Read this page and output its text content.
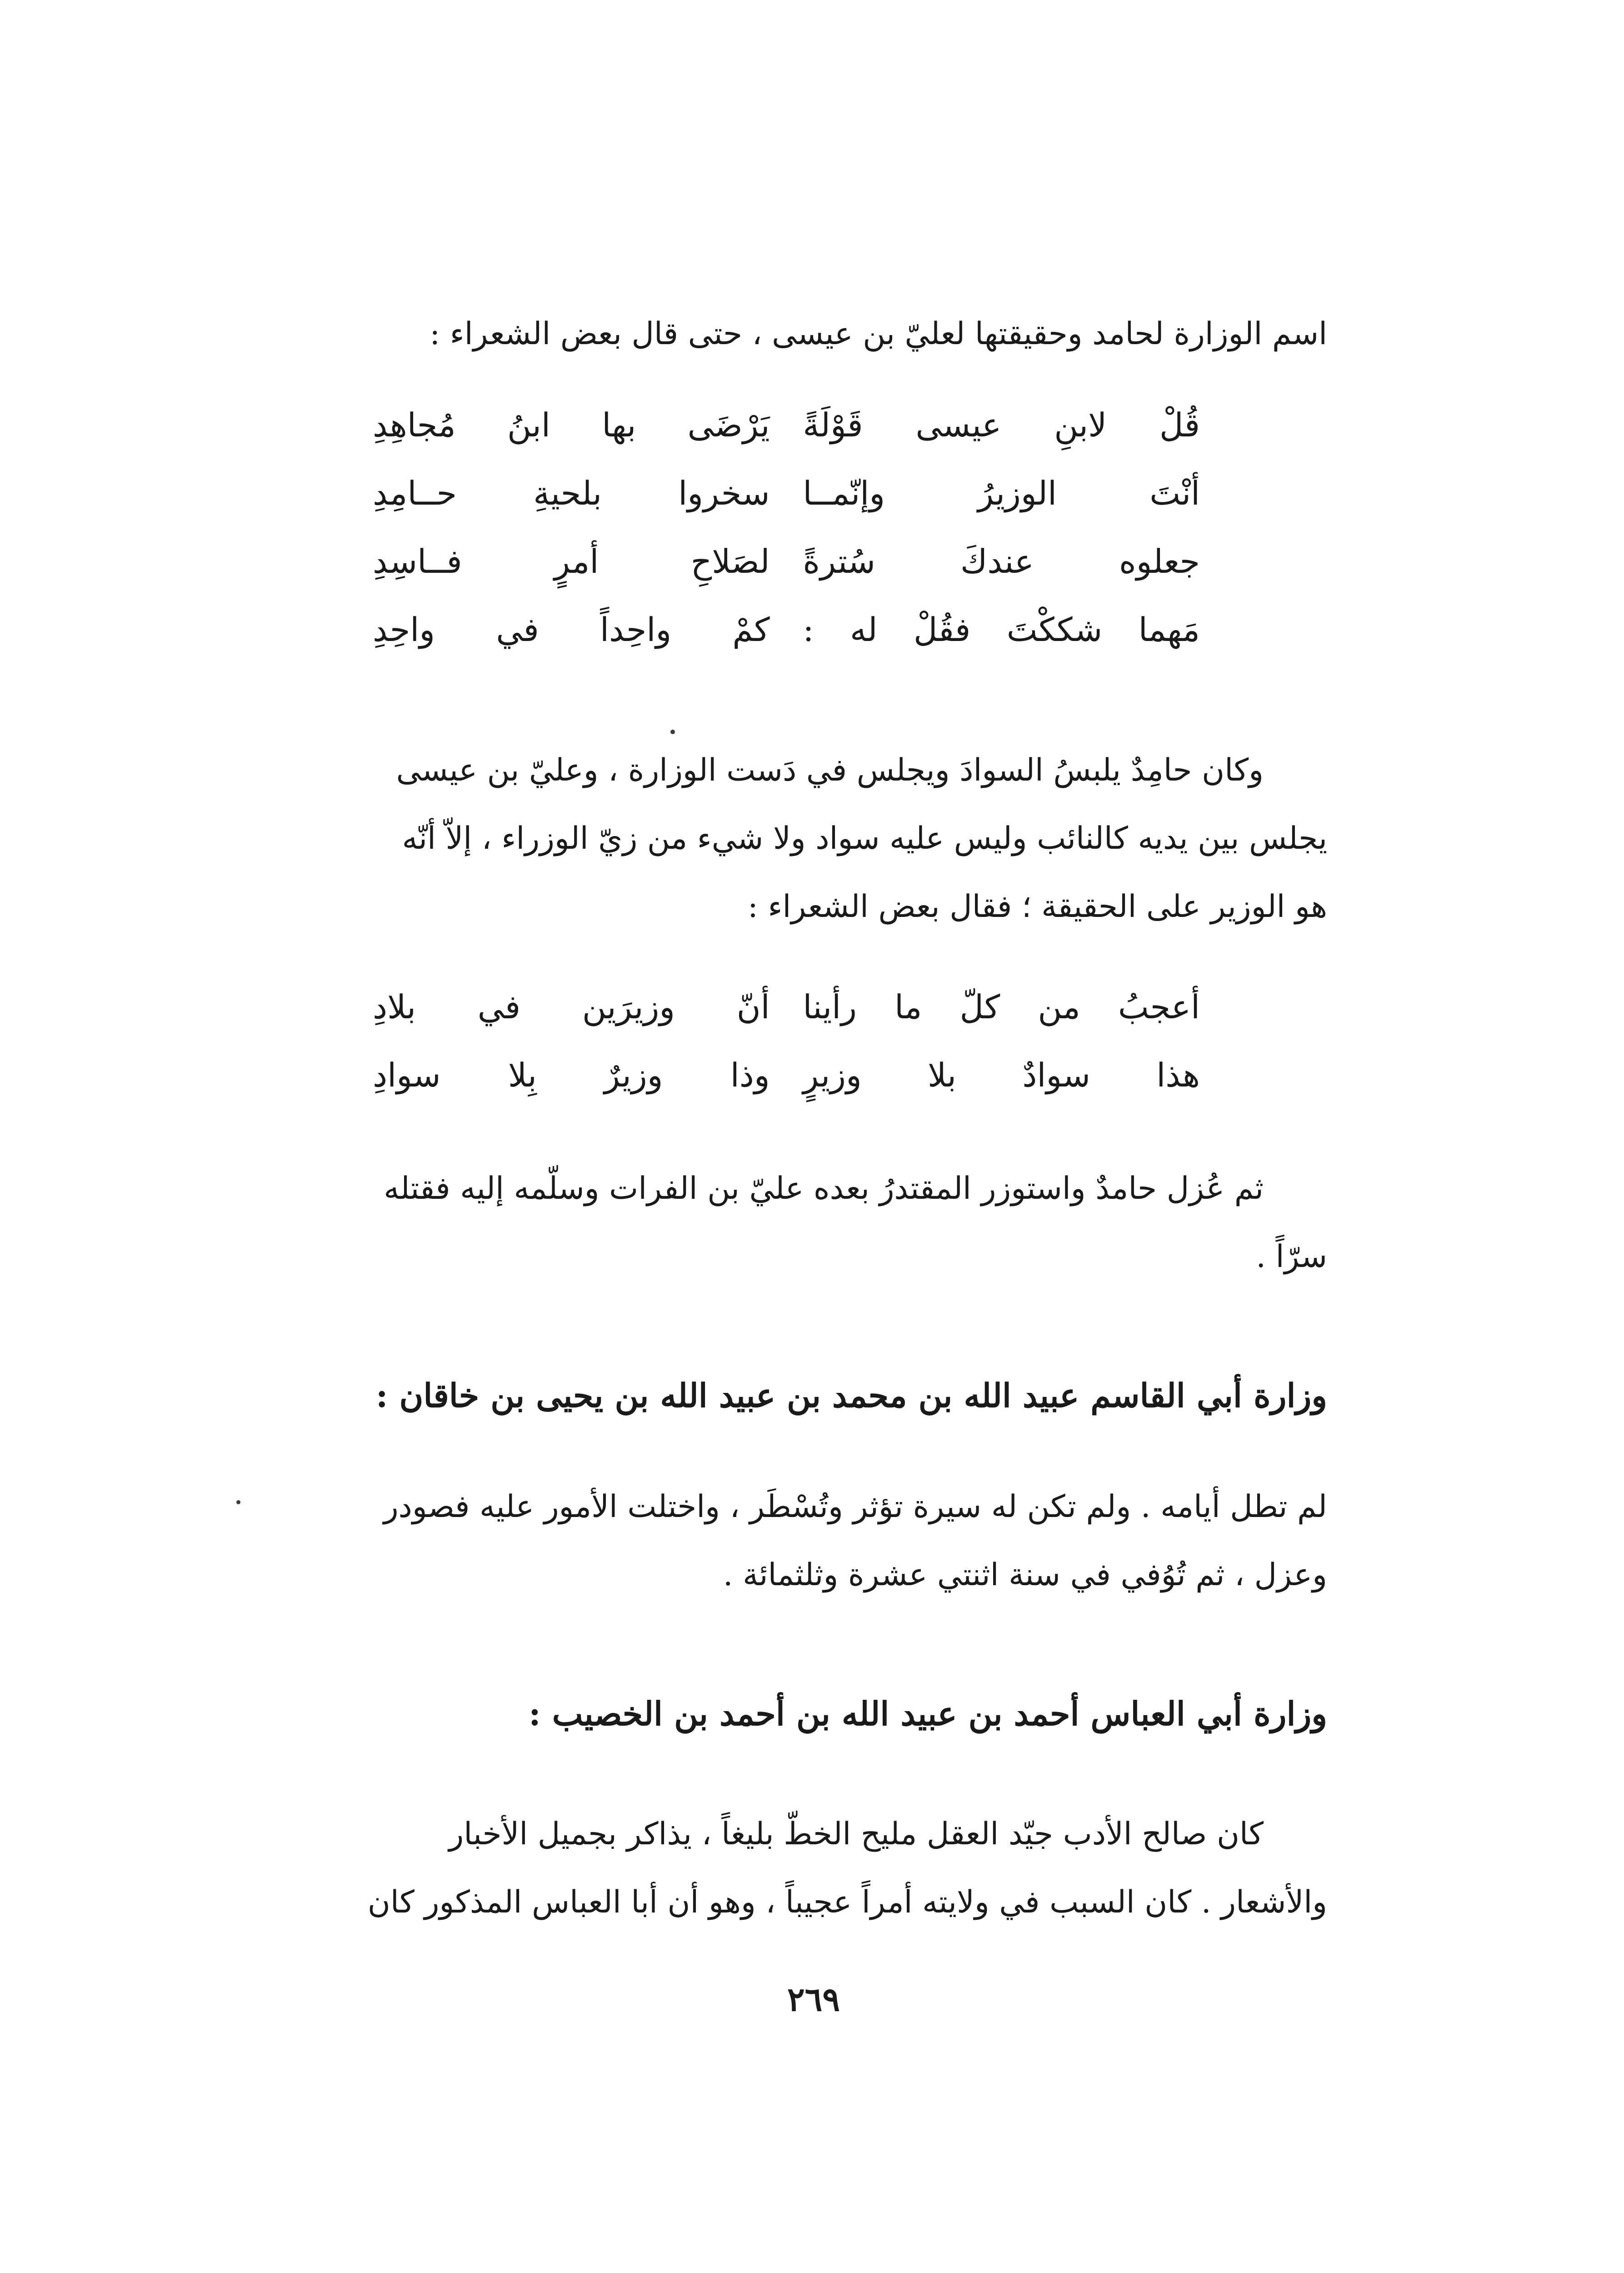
اسم الوزارة لحامد وحقيقتها لعليّ بن عيسى ، حتى قال بعض الشعراء :
قُلْ لابنِ عيسى قَوْلَةً
يَرْضَى بها ابنُ مُجاهِدِ
أنْتَ الوزيرُ وإنّمــا
سخروا بلحيةِ حــامِدِ
جعلوه عندكَ سُترةً
لصَلاحِ أمرٍ فــاسِدِ
مَهما شككْتَ فقُلْ له :
كمْ واحِداً في واحِدِ
وكان حامِدٌ يلبسُ السوادَ ويجلس في دَست الوزارة ، وعليّ بن عيسى
يجلس بين يديه كالنائب وليس عليه سواد ولا شيء من زيّ الوزراء ، إلاّ أنّه
هو الوزير على الحقيقة ؛ فقال بعض الشعراء :
أعجبُ من كلّ ما رأينا
أنّ وزيرَين في بلادِ
هذا سوادٌ بلا وزيرٍ
وذا وزيرٌ بِلا سوادِ
ثم عُزل حامدٌ واستوزر المقتدرُ بعده عليّ بن الفرات وسلّمه إليه فقتله
سرّاً .
وزارة أبي القاسم عبيد الله بن محمد بن عبيد الله بن يحيى بن خاقان :
لم تطل أيامه . ولم تكن له سيرة تؤثر وتُسْطَر ، واختلت الأمور عليه فصودر
وعزل ، ثم تُوُفي في سنة اثنتي عشرة وثلثمائة .
وزارة أبي العباس أحمد بن عبيد الله بن أحمد بن الخصيب :
كان صالح الأدب جيّد العقل مليح الخطّ بليغاً ، يذاكر بجميل الأخبار
والأشعار . كان السبب في ولايته أمراً عجيباً ، وهو أن أبا العباس المذكور كان
٢٦٩
